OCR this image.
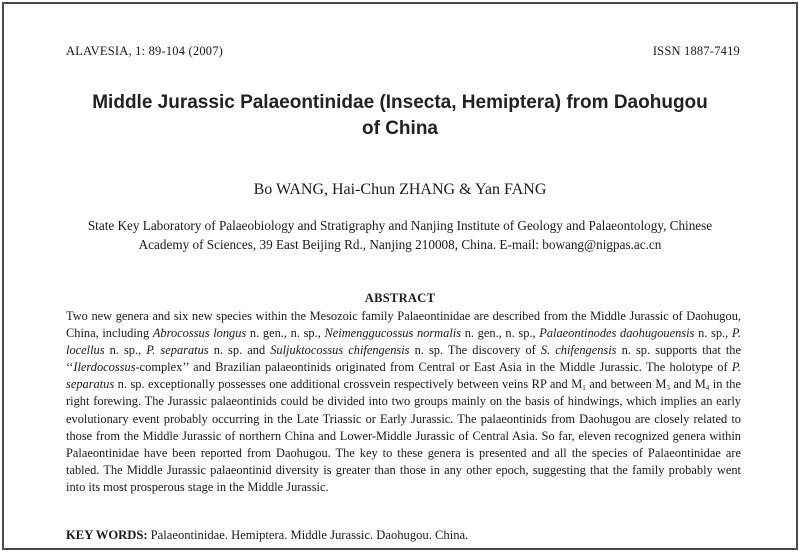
ALAVESIA, 1: 89-104 (2007)	ISSN 1887-7419
Middle Jurassic Palaeontinidae (Insecta, Hemiptera) from Daohugou
of China
Bo WANG, Hai-Chun ZHANG & Yan FANG
State Key Laboratory of Palaeobiology and Stratigraphy and Nanjing Institute of Geology and Palaeontology, Chinese
Academy of Sciences, 39 East Beijing Rd., Nanjing 210008, China. E-mail: bowang@nigpas.ac.cn
ABSTRACT
Two new genera and six new species within the Mesozoic family Palaeontinidae are described from the Middle Jurassic of Daohugou, China, including Abrocossus longus n. gen., n. sp., Neimenggucossus normalis n. gen., n. sp., Palaeontinodes daohugouensis n. sp., P. locellus n. sp., P. separatus n. sp. and Suljuktocossus chifengensis n. sp. The discovery of S. chifengensis n. sp. supports that the ‘‘Ilerdocossus-complex’’ and Brazilian palaeontinids originated from Central or East Asia in the Middle Jurassic. The holotype of P. separatus n. sp. exceptionally possesses one additional crossvein respectively between veins RP and $M_1$ and between $M_3$ and $M_4$ in the right forewing. The Jurassic palaeontinids could be divided into two groups mainly on the basis of hindwings, which implies an early evolutionary event probably occurring in the Late Triassic or Early Jurassic. The palaeontinids from Daohugou are closely related to those from the Middle Jurassic of northern China and Lower-Middle Jurassic of Central Asia. So far, eleven recognized genera within Palaeontinidae have been reported from Daohugou. The key to these genera is presented and all the species of Palaeontinidae are tabled. The Middle Jurassic palaeontinid diversity is greater than those in any other epoch, suggesting that the family probably went into its most prosperous stage in the Middle Jurassic.
KEY WORDS: Palaeontinidae. Hemiptera. Middle Jurassic. Daohugou. China.
